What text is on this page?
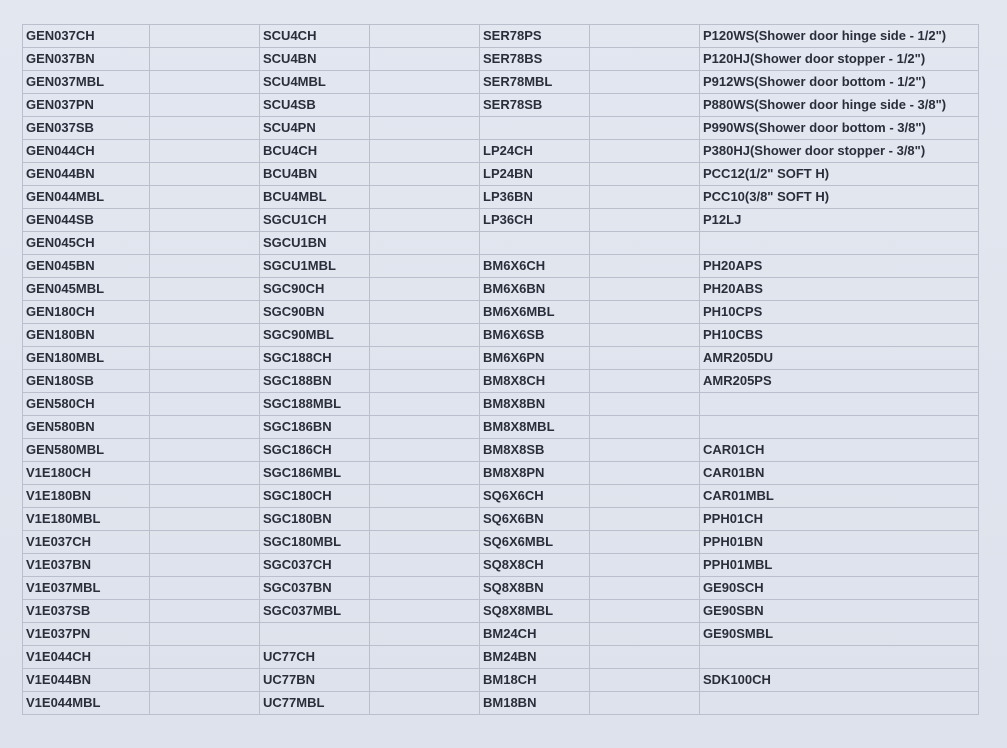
GEN037CH		SCU4CH		SER78PS		P120WS(Shower door hinge side - 1/2")
GEN037BN		SCU4BN		SER78BS		P120HJ(Shower door stopper - 1/2")
GEN037MBL		SCU4MBL		SER78MBL		P912WS(Shower door bottom - 1/2")
GEN037PN		SCU4SB		SER78SB		P880WS(Shower door hinge side - 3/8")
GEN037SB		SCU4PN				P990WS(Shower door bottom - 3/8")
GEN044CH		BCU4CH		LP24CH		P380HJ(Shower door stopper - 3/8")
GEN044BN		BCU4BN		LP24BN		PCC12(1/2" SOFT H)
GEN044MBL		BCU4MBL		LP36BN		PCC10(3/8" SOFT H)
GEN044SB		SGCU1CH		LP36CH		P12LJ
GEN045CH		SGCU1BN				
GEN045BN		SGCU1MBL		BM6X6CH		PH20APS
GEN045MBL		SGC90CH		BM6X6BN		PH20ABS
GEN180CH		SGC90BN		BM6X6MBL		PH10CPS
GEN180BN		SGC90MBL		BM6X6SB		PH10CBS
GEN180MBL		SGC188CH		BM6X6PN		AMR205DU
GEN180SB		SGC188BN		BM8X8CH		AMR205PS
GEN580CH		SGC188MBL		BM8X8BN		
GEN580BN		SGC186BN		BM8X8MBL		
GEN580MBL		SGC186CH		BM8X8SB		CAR01CH
V1E180CH		SGC186MBL		BM8X8PN		CAR01BN
V1E180BN		SGC180CH		SQ6X6CH		CAR01MBL
V1E180MBL		SGC180BN		SQ6X6BN		PPH01CH
V1E037CH		SGC180MBL		SQ6X6MBL		PPH01BN
V1E037BN		SGC037CH		SQ8X8CH		PPH01MBL
V1E037MBL		SGC037BN		SQ8X8BN		GE90SCH
V1E037SB		SGC037MBL		SQ8X8MBL		GE90SBN
V1E037PN				BM24CH		GE90SMBL
V1E044CH		UC77CH		BM24BN		
V1E044BN		UC77BN		BM18CH		SDK100CH
V1E044MBL		UC77MBL		BM18BN		
